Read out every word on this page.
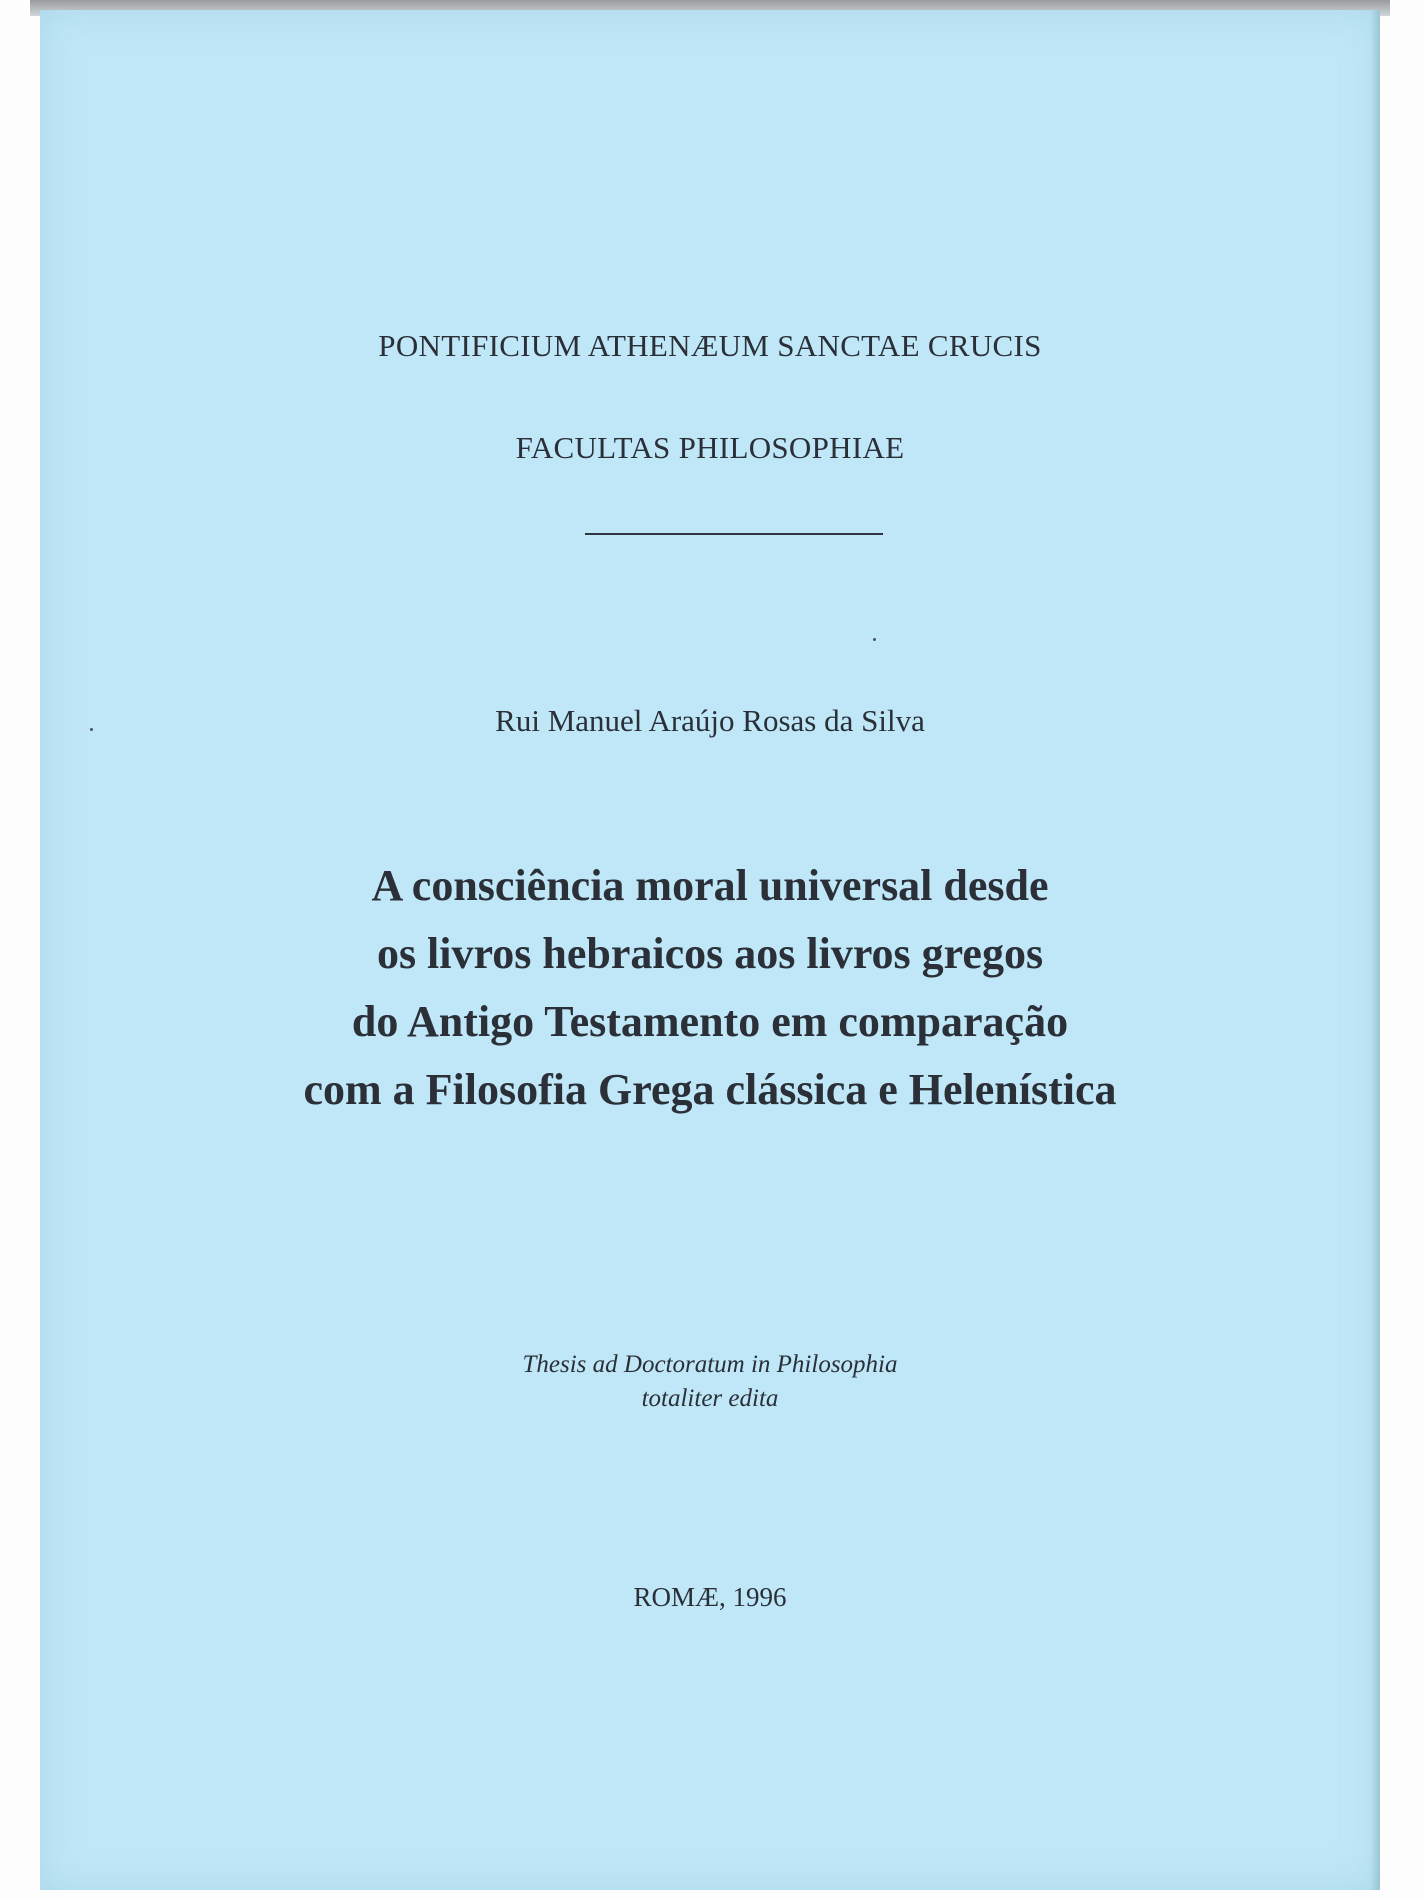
PONTIFICIUM ATHENÆUM SANCTAE CRUCIS
FACULTAS PHILOSOPHIAE
Rui Manuel Araújo Rosas da Silva
A consciência moral universal desde
os livros hebraicos aos livros gregos
do Antigo Testamento em comparação
com a Filosofia Grega clássica e Helenística
Thesis ad Doctoratum in Philosophia
totaliter edita
ROMÆ, 1996
